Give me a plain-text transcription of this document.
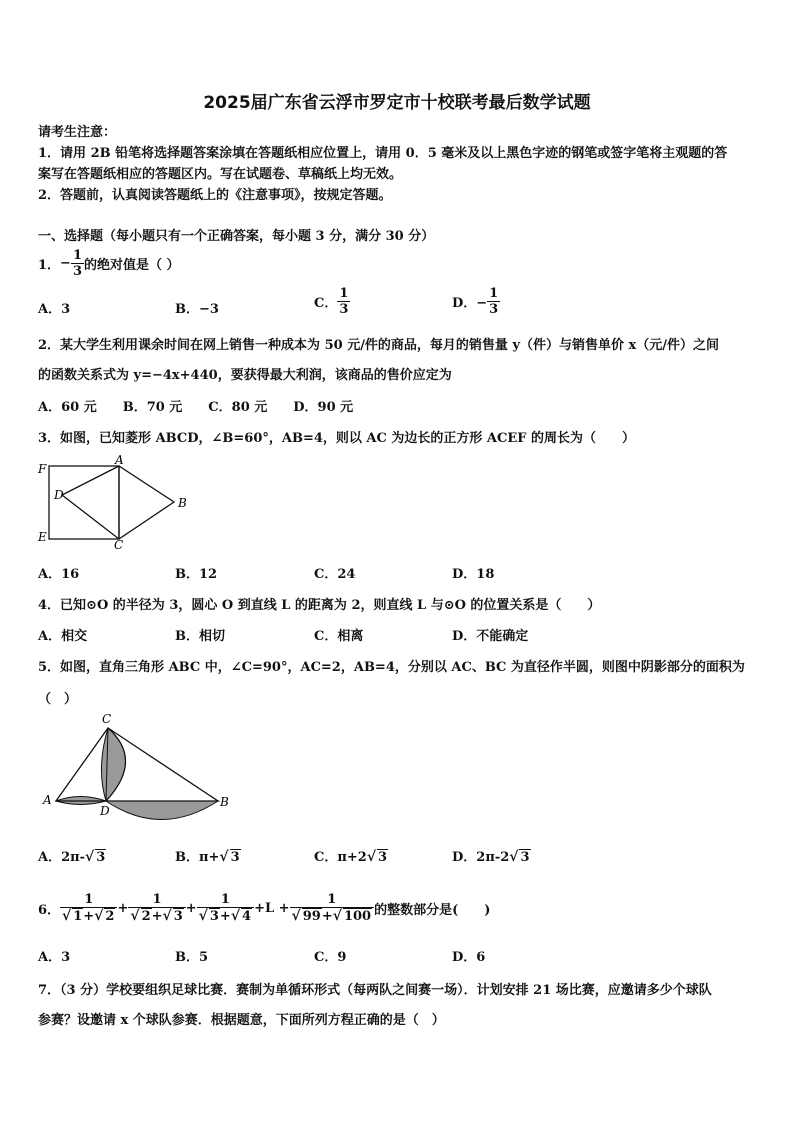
2025届广东省云浮市罗定市十校联考最后数学试题
请考生注意：
1．请用 2B 铅笔将选择题答案涂填在答题纸相应位置上，请用 0．5 毫米及以上黑色字迹的钢笔或签字笔将主观题的答
案写在答题纸相应的答题区内。写在试题卷、草稿纸上均无效。
2．答题前，认真阅读答题纸上的《注意事项》，按规定答题。
一、选择题（每小题只有一个正确答案，每小题 3 分，满分 30 分）
1． − $\frac{1}{3}$ 的绝对值是（ ）
A．3	B．−3	C． $\frac{1}{3}$	D．− $\frac{1}{3}$
2．某大学生利用课余时间在网上销售一种成本为 50 元/件的商品，每月的销售量 y（件）与销售单价 x（元/件）之间
的函数关系式为 y=−4x+440，要获得最大利润，该商品的售价应定为
A．60 元　　B．70 元　　C．80 元　　D．90 元
3．如图，已知菱形 ABCD，∠B=60°，AB=4，则以 AC 为边长的正方形 ACEF 的周长为（　　）
F
A
D
B
E
C
A．16	B．12	C．24	D．18
4．已知⊙O 的半径为 3，圆心 O 到直线 L 的距离为 2，则直线 L 与⊙O 的位置关系是（　　）
A．相交	B．相切	C．相离	D．不能确定
5．如图，直角三角形 ABC 中，∠C=90°，AC=2，AB=4，分别以 AC、BC 为直径作半圆，则图中阴影部分的面积为
（　）
C
A
D
B
A．2π-√ 3	B．π+√ 3	C．π+2√ 3	D．2π-2√ 3
6． $\frac{1}{√ 1+√ 2} + \frac{1}{√ 2+√ 3} + \frac{1}{√ 3+√ 4} +L + \frac{1}{√ 99+√ 100}$ 的整数部分是(　　)
A．3	B．5	C．9	D．6
7．（3 分）学校要组织足球比赛．赛制为单循环形式（每两队之间赛一场）．计划安排 21 场比赛，应邀请多少个球队
参赛？设邀请 x 个球队参赛．根据题意，下面所列方程正确的是（　）
